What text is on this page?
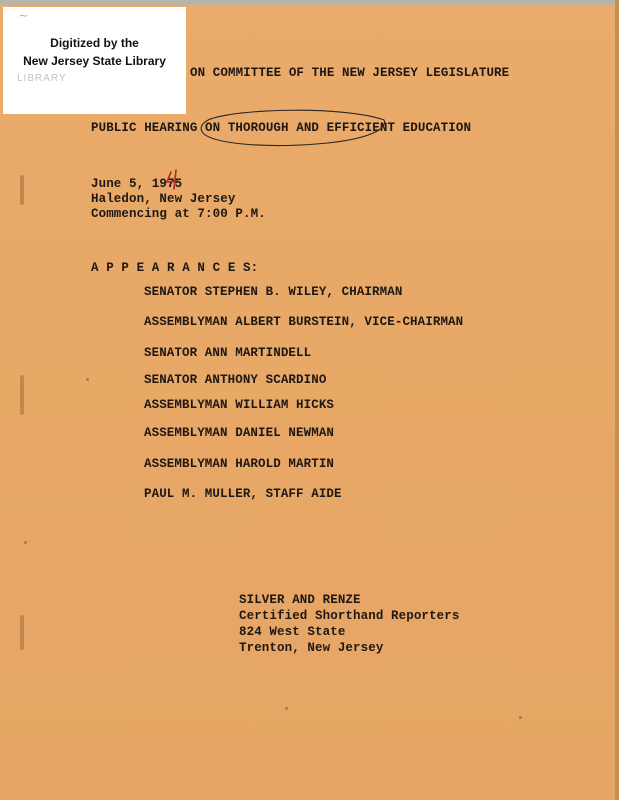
~
Digitized by the
New Jersey State Library
LIBRARY	ON COMMITTEE OF THE NEW JERSEY LEGISLATURE
PUBLIC HEARING ON THOROUGH AND EFFICIENT EDUCATION
June 5, 1975
Haledon, New Jersey
Commencing at 7:00 P.M.
A P P E A R A N C E S:
SENATOR STEPHEN B. WILEY, CHAIRMAN
ASSEMBLYMAN ALBERT BURSTEIN, VICE-CHAIRMAN
SENATOR ANN MARTINDELL
SENATOR ANTHONY SCARDINO
ASSEMBLYMAN WILLIAM HICKS
ASSEMBLYMAN DANIEL NEWMAN
ASSEMBLYMAN HAROLD MARTIN
PAUL M. MULLER, STAFF AIDE
SILVER AND RENZE
Certified Shorthand Reporters
824 West State
Trenton, New Jersey
